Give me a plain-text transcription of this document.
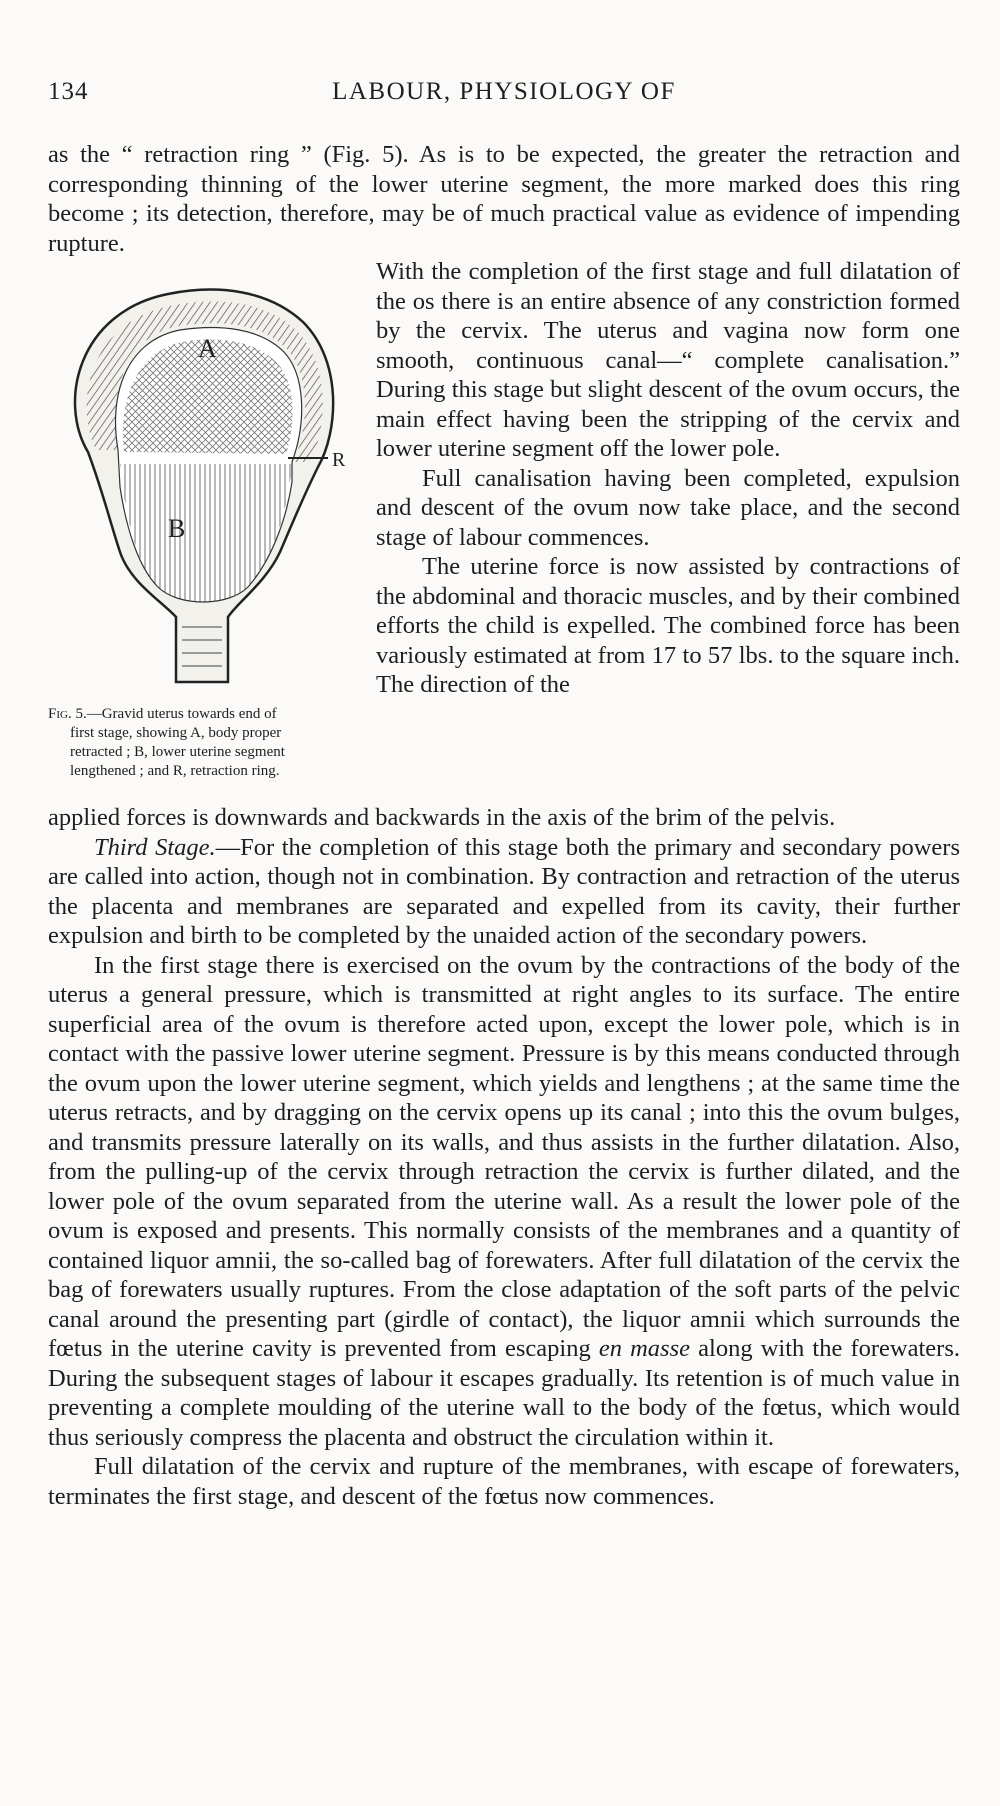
134	LABOUR, PHYSIOLOGY OF

as the “ retraction ring ” (Fig. 5). As is to be expected, the greater the retraction and corresponding thinning of the lower uterine segment, the more marked does this ring become ; its detection, therefore, may be of much practical value as evidence of impending rupture.

A
B
R
Fig. 5.—Gravid uterus towards end of
first stage, showing A, body proper
retracted ; B, lower uterine segment
lengthened ; and R, retraction ring.

With the completion of the first stage and full dilatation of the os there is an entire absence of any constriction formed by the cervix. The uterus and vagina now form one smooth, continuous canal—“ complete canalisation.” During this stage but slight descent of the ovum occurs, the main effect having been the stripping of the cervix and lower uterine segment off the lower pole.

Full canalisation having been completed, expulsion and descent of the ovum now take place, and the second stage of labour commences.

The uterine force is now assisted by contractions of the abdominal and thoracic muscles, and by their combined efforts the child is expelled. The combined force has been variously estimated at from 17 to 57 lbs. to the square inch. The direction of the

applied forces is downwards and backwards in the axis of the brim of the pelvis.

Third Stage.—For the completion of this stage both the primary and secondary powers are called into action, though not in combination. By contraction and retraction of the uterus the placenta and membranes are separated and expelled from its cavity, their further expulsion and birth to be completed by the unaided action of the secondary powers.

In the first stage there is exercised on the ovum by the contractions of the body of the uterus a general pressure, which is transmitted at right angles to its surface. The entire superficial area of the ovum is therefore acted upon, except the lower pole, which is in contact with the passive lower uterine segment. Pressure is by this means conducted through the ovum upon the lower uterine segment, which yields and lengthens ; at the same time the uterus retracts, and by dragging on the cervix opens up its canal ; into this the ovum bulges, and transmits pressure laterally on its walls, and thus assists in the further dilatation. Also, from the pulling-up of the cervix through retraction the cervix is further dilated, and the lower pole of the ovum separated from the uterine wall. As a result the lower pole of the ovum is exposed and presents. This normally consists of the membranes and a quantity of contained liquor amnii, the so-called bag of forewaters. After full dilatation of the cervix the bag of forewaters usually ruptures. From the close adaptation of the soft parts of the pelvic canal around the presenting part (girdle of contact), the liquor amnii which surrounds the fœtus in the uterine cavity is prevented from escaping en masse along with the forewaters. During the subsequent stages of labour it escapes gradually. Its retention is of much value in preventing a complete moulding of the uterine wall to the body of the fœtus, which would thus seriously compress the placenta and obstruct the circulation within it.

Full dilatation of the cervix and rupture of the membranes, with escape of forewaters, terminates the first stage, and descent of the fœtus now commences.
